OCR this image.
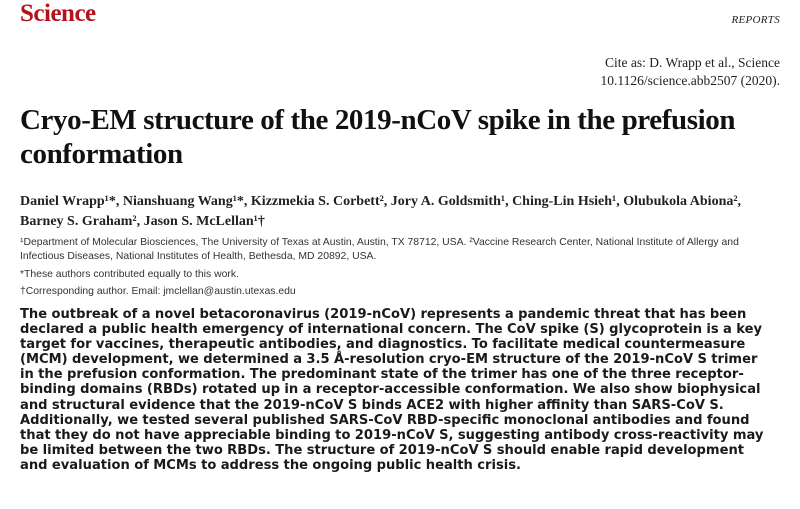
Science	REPORTS
Cite as: D. Wrapp et al., Science
10.1126/science.abb2507 (2020).
Cryo-EM structure of the 2019-nCoV spike in the prefusion conformation
Daniel Wrapp¹*, Nianshuang Wang¹*, Kizzmekia S. Corbett², Jory A. Goldsmith¹, Ching-Lin Hsieh¹, Olubukola Abiona², Barney S. Graham², Jason S. McLellan¹†
¹Department of Molecular Biosciences, The University of Texas at Austin, Austin, TX 78712, USA. ²Vaccine Research Center, National Institute of Allergy and Infectious Diseases, National Institutes of Health, Bethesda, MD 20892, USA.
*These authors contributed equally to this work.
†Corresponding author. Email: jmclellan@austin.utexas.edu
The outbreak of a novel betacoronavirus (2019-nCoV) represents a pandemic threat that has been declared a public health emergency of international concern. The CoV spike (S) glycoprotein is a key target for vaccines, therapeutic antibodies, and diagnostics. To facilitate medical countermeasure (MCM) development, we determined a 3.5 Å-resolution cryo-EM structure of the 2019-nCoV S trimer in the prefusion conformation. The predominant state of the trimer has one of the three receptor-binding domains (RBDs) rotated up in a receptor-accessible conformation. We also show biophysical and structural evidence that the 2019-nCoV S binds ACE2 with higher affinity than SARS-CoV S. Additionally, we tested several published SARS-CoV RBD-specific monoclonal antibodies and found that they do not have appreciable binding to 2019-nCoV S, suggesting antibody cross-reactivity may be limited between the two RBDs. The structure of 2019-nCoV S should enable rapid development and evaluation of MCMs to address the ongoing public health crisis.
